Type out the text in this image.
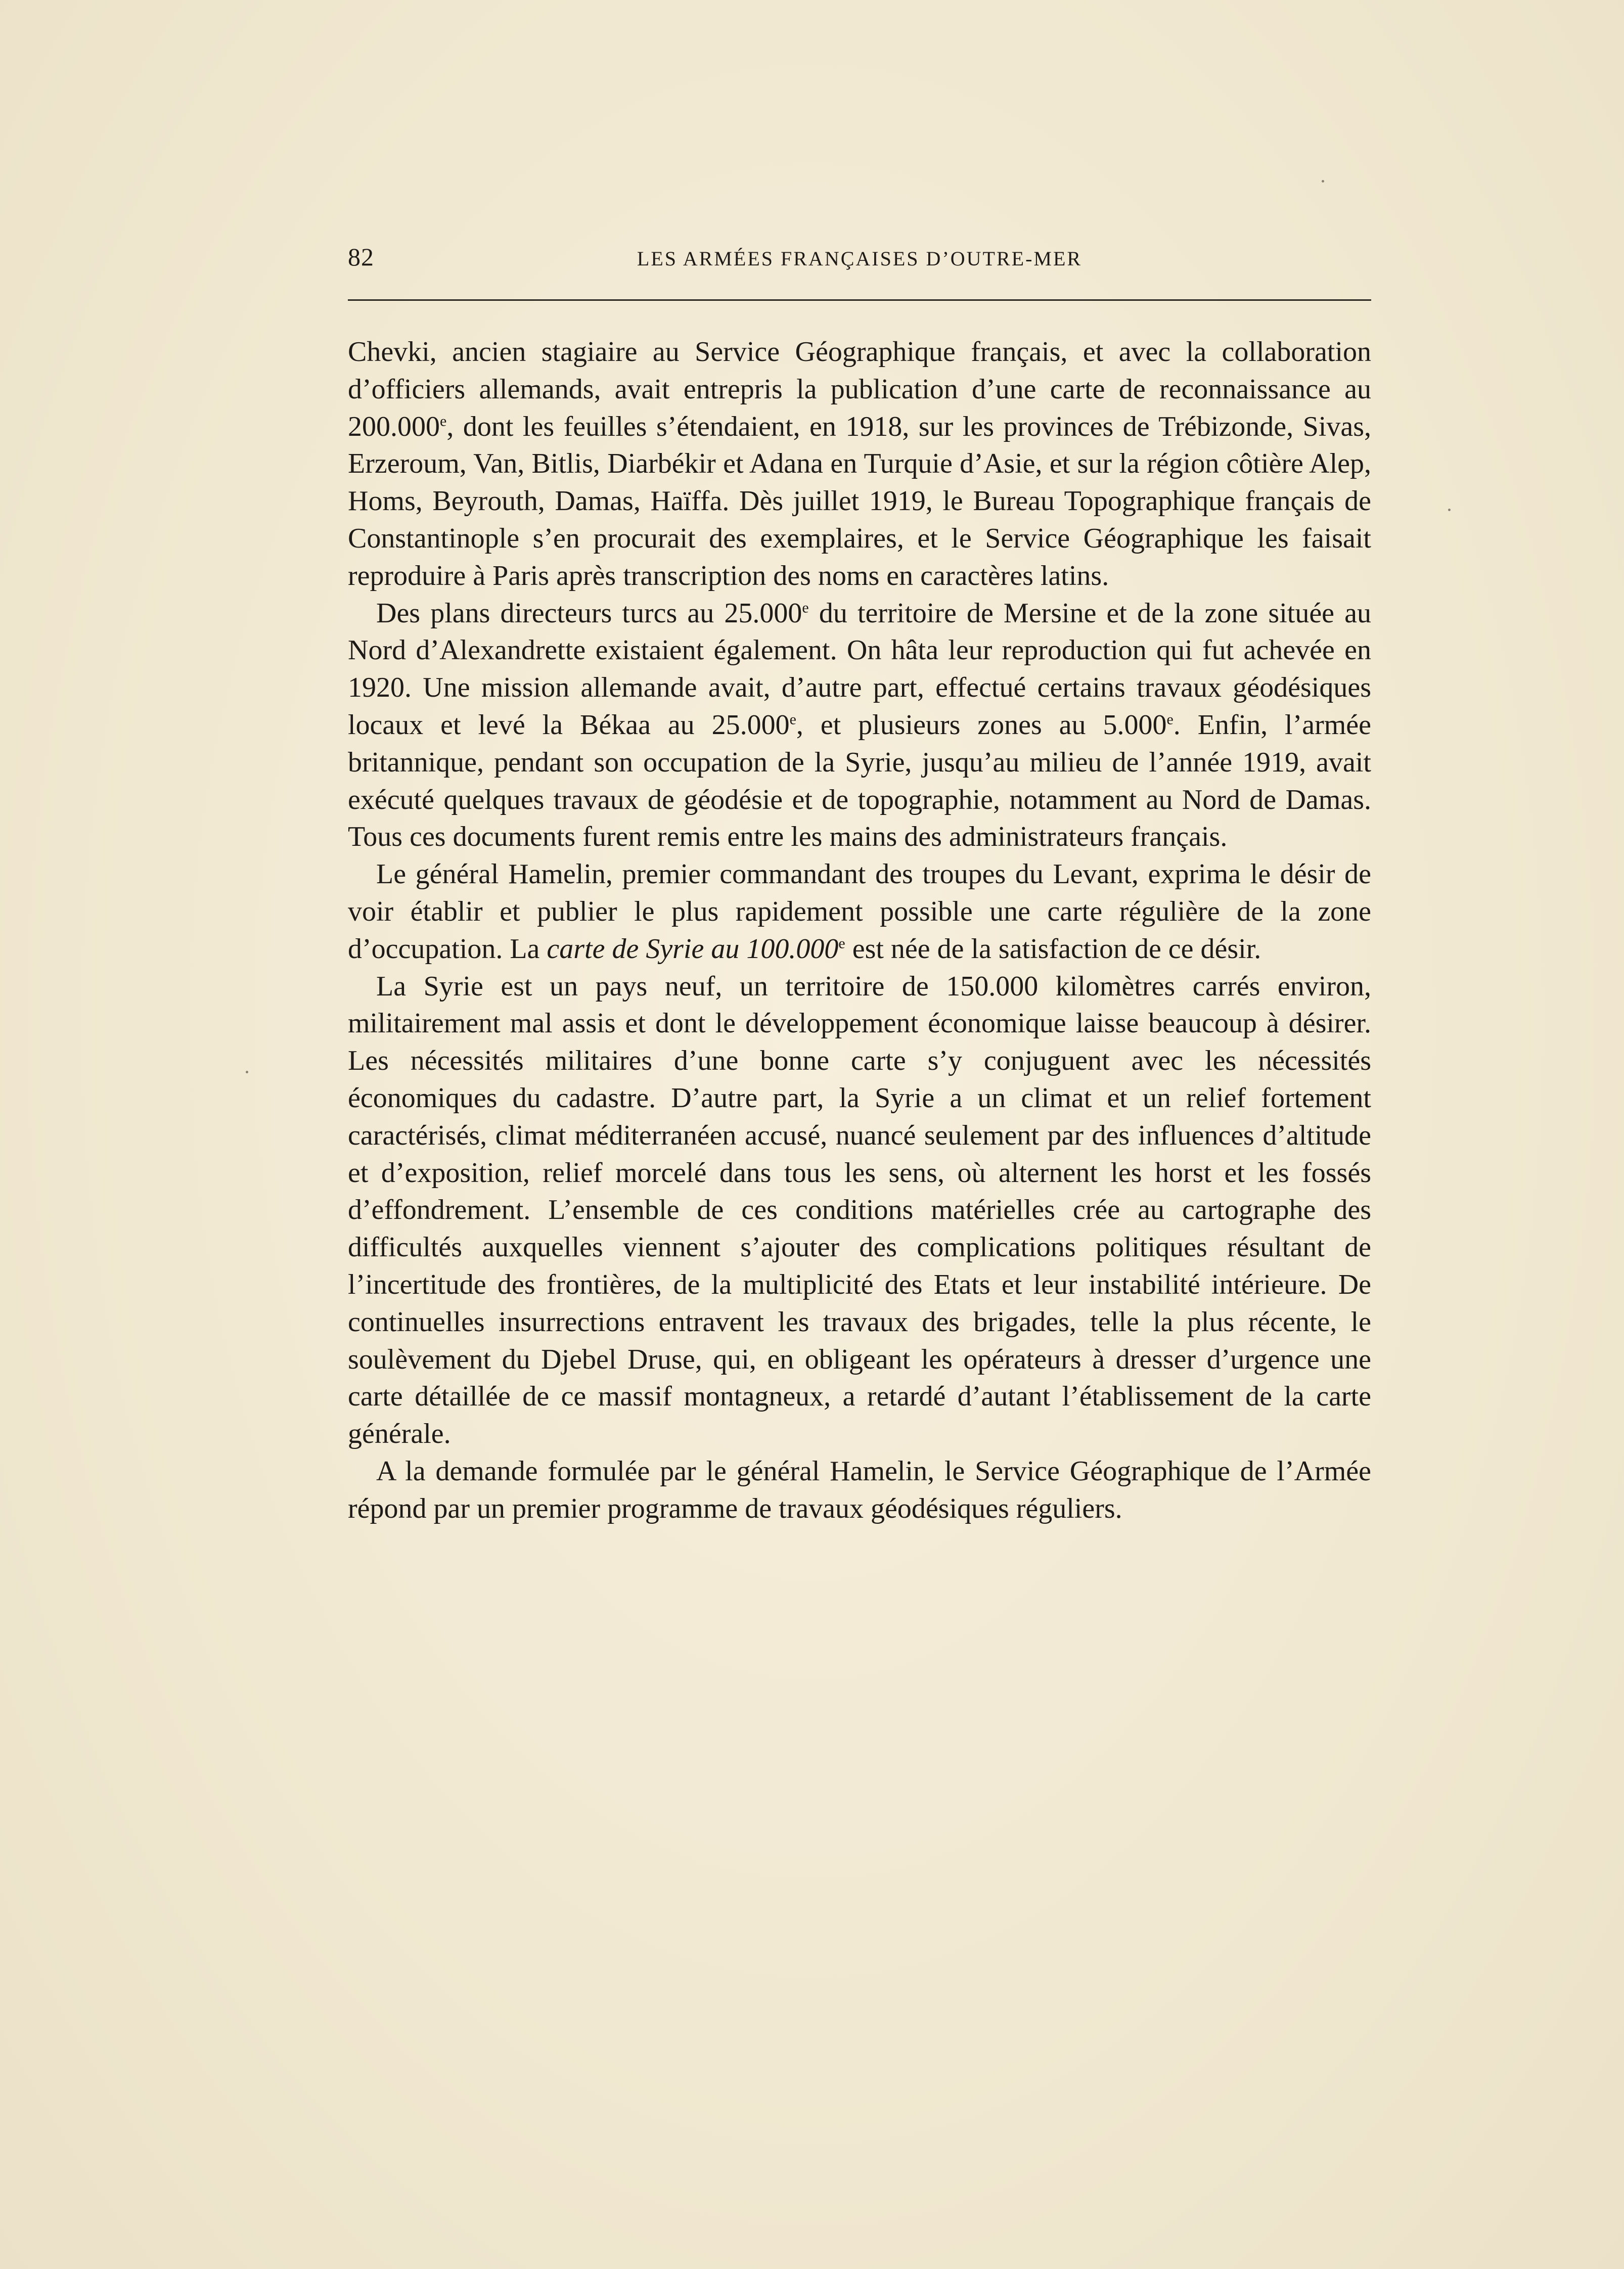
82	LES ARMÉES FRANÇAISES D’OUTRE-MER

Chevki, ancien stagiaire au Service Géographique français, et avec la collaboration d’officiers allemands, avait entrepris la publication d’une carte de reconnaissance au 200.000e, dont les feuilles s’étendaient, en 1918, sur les provinces de Trébizonde, Sivas, Erzeroum, Van, Bitlis, Diarbékir et Adana en Turquie d’Asie, et sur la région côtière Alep, Homs, Beyrouth, Damas, Haïffa. Dès juillet 1919, le Bureau Topographique français de Constantinople s’en procurait des exemplaires, et le Service Géographique les faisait reproduire à Paris après transcription des noms en caractères latins.

Des plans directeurs turcs au 25.000e du territoire de Mersine et de la zone située au Nord d’Alexandrette existaient également. On hâta leur reproduction qui fut achevée en 1920. Une mission allemande avait, d’autre part, effectué certains travaux géodésiques locaux et levé la Békaa au 25.000e, et plusieurs zones au 5.000e. Enfin, l’armée britannique, pendant son occupation de la Syrie, jusqu’au milieu de l’année 1919, avait exécuté quelques travaux de géodésie et de topographie, notamment au Nord de Damas. Tous ces documents furent remis entre les mains des administrateurs français.

Le général Hamelin, premier commandant des troupes du Levant, exprima le désir de voir établir et publier le plus rapidement possible une carte régulière de la zone d’occupation. La carte de Syrie au 100.000e est née de la satisfaction de ce désir.

La Syrie est un pays neuf, un territoire de 150.000 kilomètres carrés environ, militairement mal assis et dont le développement économique laisse beaucoup à désirer. Les nécessités militaires d’une bonne carte s’y conjuguent avec les nécessités économiques du cadastre. D’autre part, la Syrie a un climat et un relief fortement caractérisés, climat méditerranéen accusé, nuancé seulement par des influences d’altitude et d’exposition, relief morcelé dans tous les sens, où alternent les horst et les fossés d’effondrement. L’ensemble de ces conditions matérielles crée au cartographe des difficultés auxquelles viennent s’ajouter des complications politiques résultant de l’incertitude des frontières, de la multiplicité des Etats et leur instabilité intérieure. De continuelles insurrections entravent les travaux des brigades, telle la plus récente, le soulèvement du Djebel Druse, qui, en obligeant les opérateurs à dresser d’urgence une carte détaillée de ce massif montagneux, a retardé d’autant l’établissement de la carte générale.

A la demande formulée par le général Hamelin, le Service Géographique de l’Armée répond par un premier programme de travaux géodésiques réguliers.
